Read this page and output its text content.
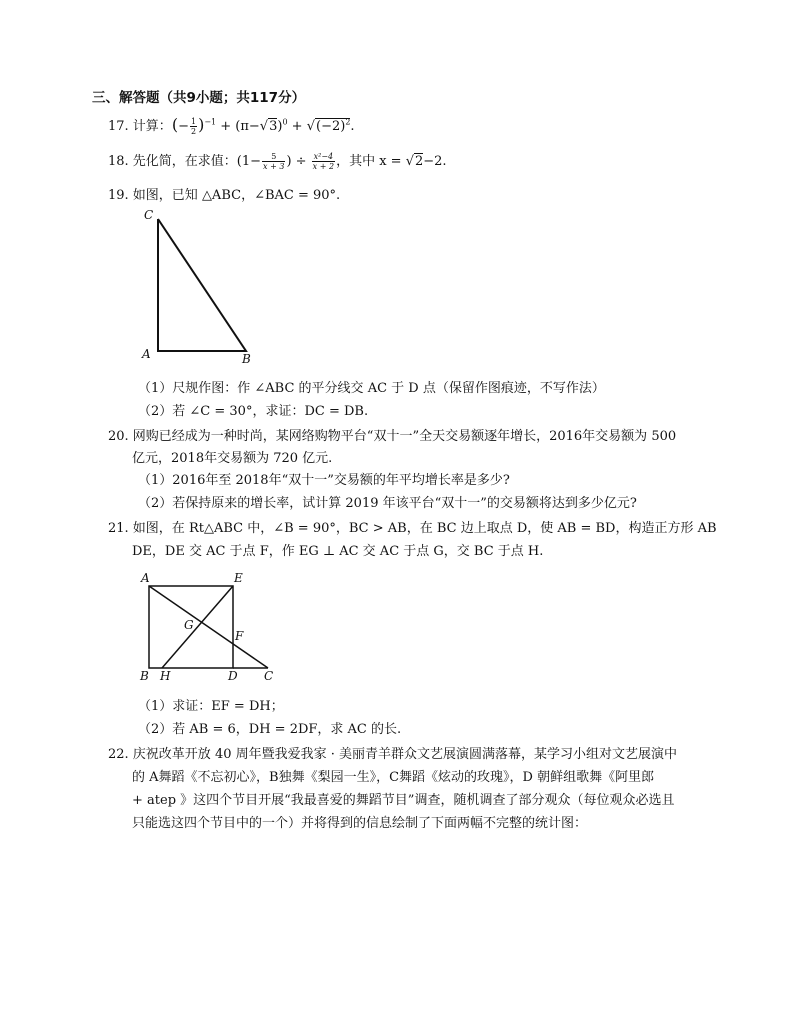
三、解答题（共9小题；共117分）
17. 计算：(− $\frac{1}{2} )^{-1} + (\pi-√3)^0 + √(-2)^2$.
18. 先化简，在求值：($1- \frac{5}{x + 3}$ ) ÷ $\frac{\text{x²−4}}{x + 2}$ ，其中 x = √2−2.
19. 如图，已知 △ABC，∠BAC = 90°.
C
A	B
（1）尺规作图：作 ∠ABC 的平分线交 AC 于 D 点（保留作图痕迹，不写作法）
（2）若 ∠C = 30°，求证：DC = DB.
20. 网购已经成为一种时尚，某网络购物平台“双十一”全天交易额逐年增长，2016年交易额为 500
亿元，2018年交易额为 720 亿元.
（1）2016年至 2018年“双十一”交易额的年平均增长率是多少?
（2）若保持原来的增长率，试计算 2019 年该平台“双十一”的交易额将达到多少亿元?
21. 如图，在 Rt△ABC 中，∠B = 90°，BC > AB，在 BC 边上取点 D，使 AB = BD，构造正方形 AB
DE，DE 交 AC 于点 F，作 EG ⊥ AC 交 AC 于点 G，交 BC 于点 H.
A	E
G
F
B H	D C
（1）求证：EF = DH；
（2）若 AB = 6，DH = 2DF，求 AC 的长.
22. 庆祝改革开放 40 周年暨我爱我家 · 美丽青羊群众文艺展演圆满落幕，某学习小组对文艺展演中
的 A舞蹈《不忘初心》，B独舞《梨园一生》，C舞蹈《炫动的玫瑰》，D 朝鲜组歌舞《阿里郎
+ atep 》这四个节目开展“我最喜爱的舞蹈节目”调查，随机调查了部分观众（每位观众必选且
只能选这四个节目中的一个）并将得到的信息绘制了下面两幅不完整的统计图：
